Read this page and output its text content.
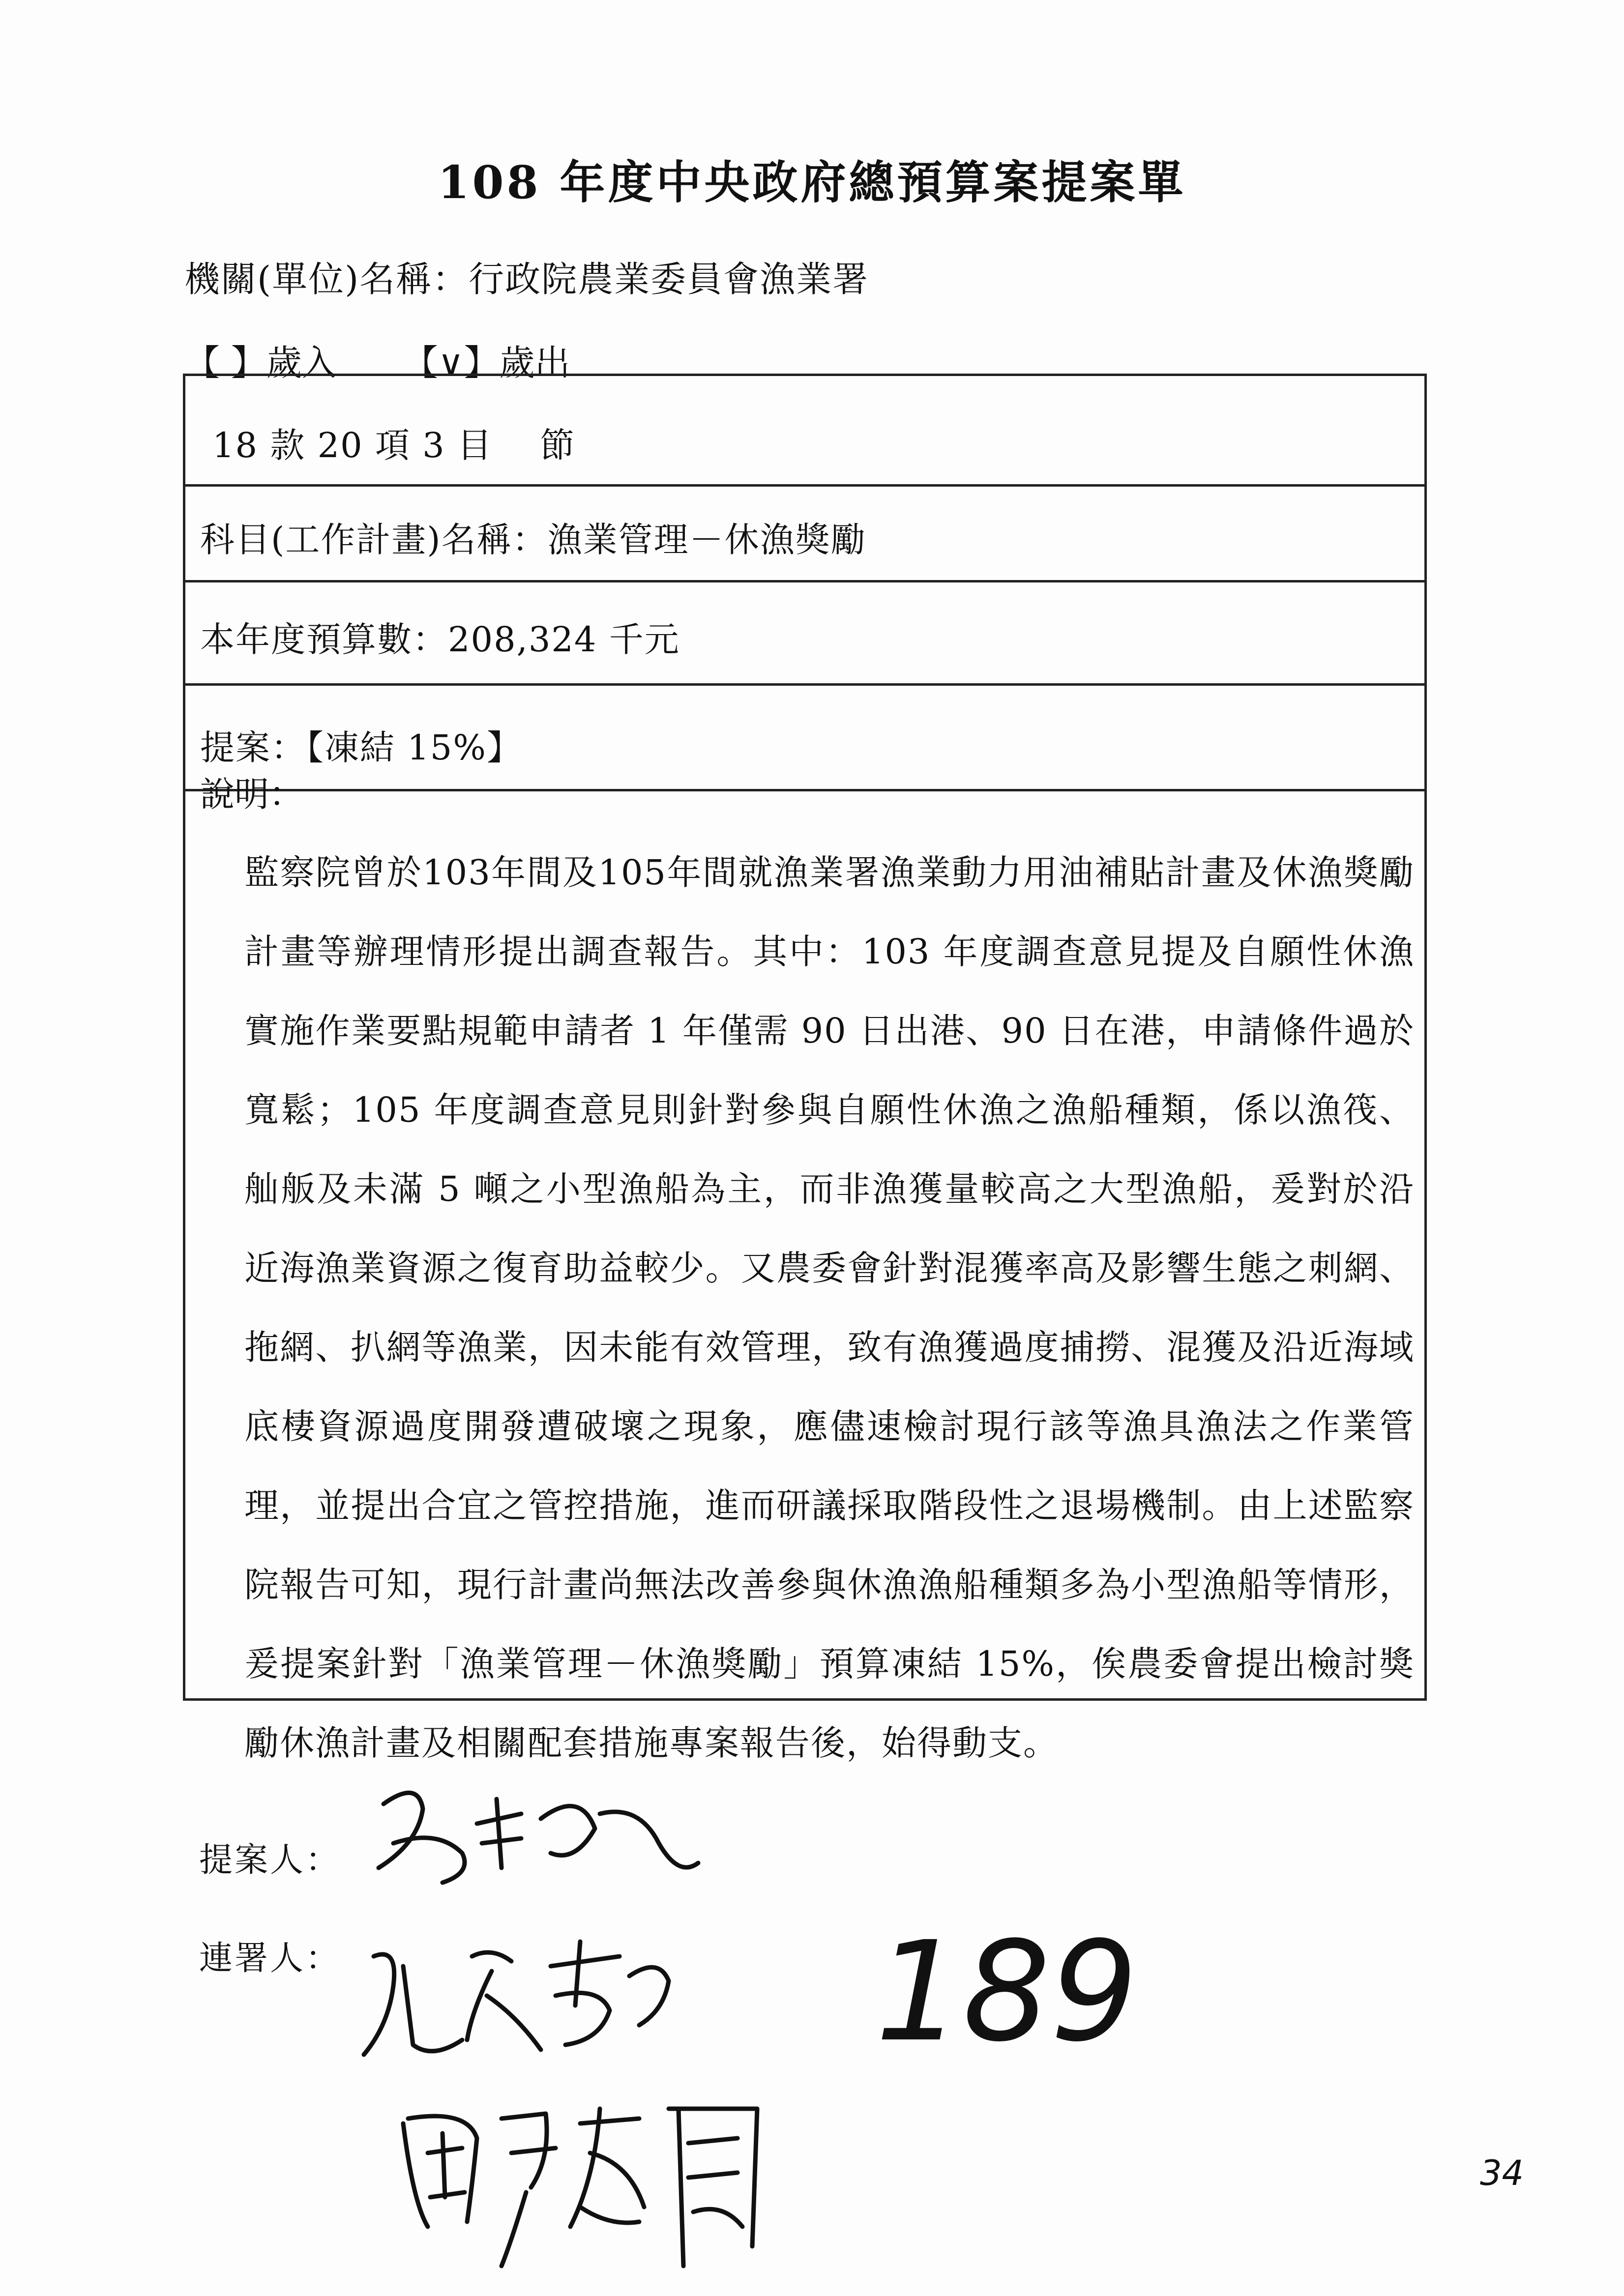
108 年度中央政府總預算案提案單
機關(單位)名稱：行政院農業委員會漁業署
【 】歲入 【∨】歲出
18 款 20 項 3 目　 節
科目(工作計畫)名稱：漁業管理－休漁獎勵
本年度預算數：208,324 千元
提案：【凍結 15%】
說明：
監察院曾於103年間及105年間就漁業署漁業動力用油補貼計畫及休漁獎勵計畫等辦理情形提出調查報告。其中：103 年度調查意見提及自願性休漁實施作業要點規範申請者 1 年僅需 90 日出港、90 日在港，申請條件過於寬鬆；105 年度調查意見則針對參與自願性休漁之漁船種類，係以漁筏、舢舨及未滿 5 噸之小型漁船為主，而非漁獲量較高之大型漁船，爰對於沿近海漁業資源之復育助益較少。又農委會針對混獲率高及影響生態之刺網、拖網、扒網等漁業，因未能有效管理，致有漁獲過度捕撈、混獲及沿近海域底棲資源過度開發遭破壞之現象，應儘速檢討現行該等漁具漁法之作業管理，並提出合宜之管控措施，進而研議採取階段性之退場機制。由上述監察院報告可知，現行計畫尚無法改善參與休漁漁船種類多為小型漁船等情形，爰提案針對「漁業管理－休漁獎勵」預算凍結 15%，俟農委會提出檢討獎勵休漁計畫及相關配套措施專案報告後，始得動支。
提案人：
連署人：	189
34
